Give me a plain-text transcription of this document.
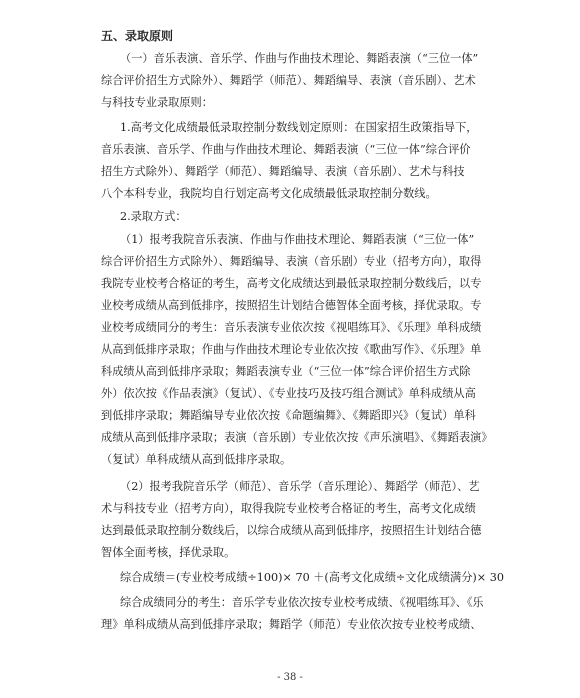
五、录取原则
（一）音乐表演、音乐学、作曲与作曲技术理论、舞蹈表演（“三位一体”
综合评价招生方式除外）、舞蹈学（师范）、舞蹈编导、表演（音乐剧）、艺术
与科技专业录取原则：
1.高考文化成绩最低录取控制分数线划定原则：在国家招生政策指导下，
音乐表演、音乐学、作曲与作曲技术理论、舞蹈表演（“三位一体”综合评价
招生方式除外）、舞蹈学（师范）、舞蹈编导、表演（音乐剧）、艺术与科技
八个本科专业，我院均自行划定高考文化成绩最低录取控制分数线。
2.录取方式：
（1）报考我院音乐表演、作曲与作曲技术理论、舞蹈表演（“三位一体”
综合评价招生方式除外）、舞蹈编导、表演（音乐剧）专业（招考方向），取得
我院专业校考合格证的考生，高考文化成绩达到最低录取控制分数线后，以专
业校考成绩从高到低排序，按照招生计划结合德智体全面考核，择优录取。专
业校考成绩同分的考生：音乐表演专业依次按《视唱练耳》、《乐理》单科成绩
从高到低排序录取；作曲与作曲技术理论专业依次按《歌曲写作》、《乐理》单
科成绩从高到低排序录取；舞蹈表演专业（“三位一体”综合评价招生方式除
外）依次按《作品表演》（复试）、《专业技巧及技巧组合测试》单科成绩从高
到低排序录取；舞蹈编导专业依次按《命题编舞》、《舞蹈即兴》（复试）单科
成绩从高到低排序录取；表演（音乐剧）专业依次按《声乐演唱》、《舞蹈表演》
（复试）单科成绩从高到低排序录取。
（2）报考我院音乐学（师范）、音乐学（音乐理论）、舞蹈学（师范）、艺
术与科技专业（招考方向），取得我院专业校考合格证的考生，高考文化成绩
达到最低录取控制分数线后，以综合成绩从高到低排序，按照招生计划结合德
智体全面考核，择优录取。
综合成绩＝(专业校考成绩÷100)× 70 ＋(高考文化成绩÷文化成绩满分)× 30
综合成绩同分的考生：音乐学专业依次按专业校考成绩、《视唱练耳》、《乐
理》单科成绩从高到低排序录取；舞蹈学（师范）专业依次按专业校考成绩、
- 38 -
